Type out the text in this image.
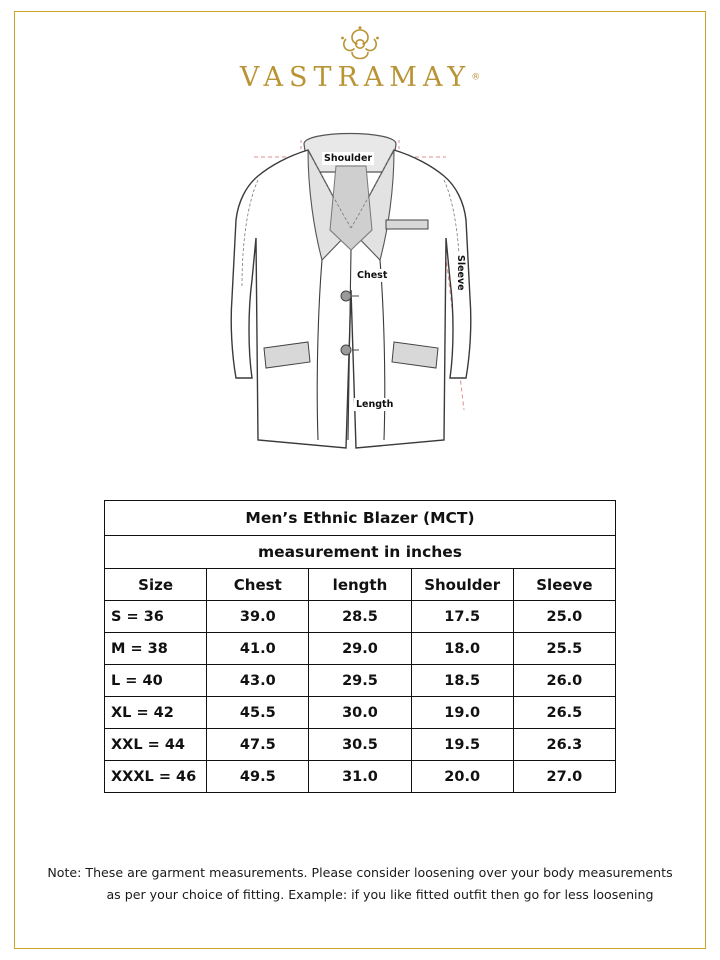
VASTRAMAY®
Shoulder
Chest
Length
Sleeve
Men’s Ethnic Blazer (MCT)				
measurement in inches				
Size	Chest	length	Shoulder	Sleeve
S = 36	39.0	28.5	17.5	25.0
M = 38	41.0	29.0	18.0	25.5
L = 40	43.0	29.5	18.5	26.0
XL = 42	45.5	30.0	19.0	26.5
XXL = 44	47.5	30.5	19.5	26.3
XXXL = 46	49.5	31.0	20.0	27.0
Note: These are garment measurements. Please consider loosening over your body measurements
as per your choice of fitting. Example: if you like fitted outfit then go for less loosening
